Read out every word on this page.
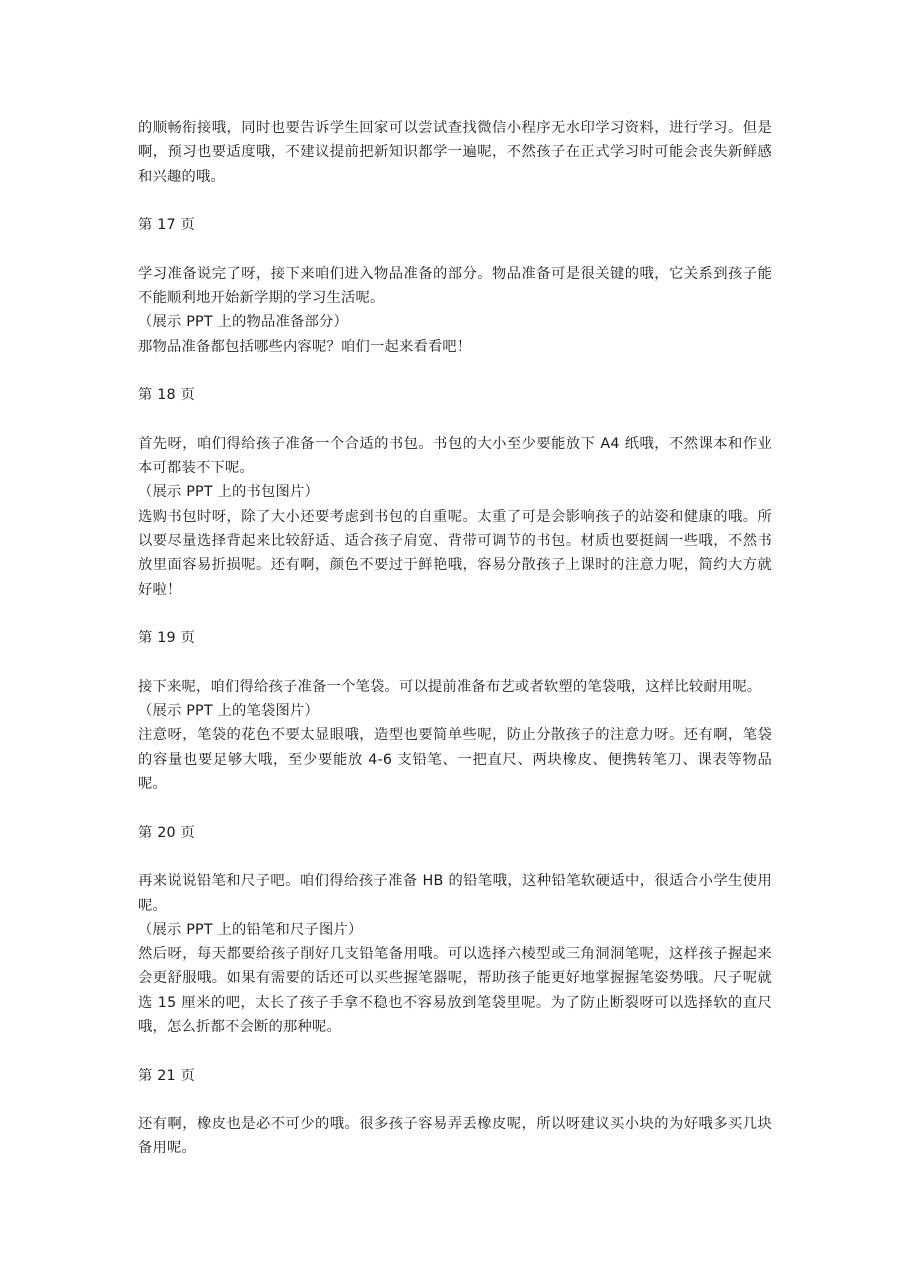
的顺畅衔接哦，同时也要告诉学生回家可以尝试查找微信小程序无水印学习资料，进行学习。但是啊，预习也要适度哦，不建议提前把新知识都学一遍呢，不然孩子在正式学习时可能会丧失新鲜感和兴趣的哦。

第 17 页

学习准备说完了呀，接下来咱们进入物品准备的部分。物品准备可是很关键的哦，它关系到孩子能不能顺利地开始新学期的学习生活呢。

（展示 PPT 上的物品准备部分）

那物品准备都包括哪些内容呢？咱们一起来看看吧！

第 18 页

首先呀，咱们得给孩子准备一个合适的书包。书包的大小至少要能放下 A4 纸哦，不然课本和作业本可都装不下呢。

（展示 PPT 上的书包图片）

选购书包时呀，除了大小还要考虑到书包的自重呢。太重了可是会影响孩子的站姿和健康的哦。所以要尽量选择背起来比较舒适、适合孩子肩宽、背带可调节的书包。材质也要挺阔一些哦，不然书放里面容易折损呢。还有啊，颜色不要过于鲜艳哦，容易分散孩子上课时的注意力呢，简约大方就好啦！

第 19 页

接下来呢，咱们得给孩子准备一个笔袋。可以提前准备布艺或者软塑的笔袋哦，这样比较耐用呢。

（展示 PPT 上的笔袋图片）

注意呀，笔袋的花色不要太显眼哦，造型也要简单些呢，防止分散孩子的注意力呀。还有啊，笔袋的容量也要足够大哦，至少要能放 4-6 支铅笔、一把直尺、两块橡皮、便携转笔刀、课表等物品呢。

第 20 页

再来说说铅笔和尺子吧。咱们得给孩子准备 HB 的铅笔哦，这种铅笔软硬适中，很适合小学生使用呢。

（展示 PPT 上的铅笔和尺子图片）

然后呀，每天都要给孩子削好几支铅笔备用哦。可以选择六棱型或三角洞洞笔呢，这样孩子握起来会更舒服哦。如果有需要的话还可以买些握笔器呢，帮助孩子能更好地掌握握笔姿势哦。尺子呢就选 15 厘米的吧，太长了孩子手拿不稳也不容易放到笔袋里呢。为了防止断裂呀可以选择软的直尺哦，怎么折都不会断的那种呢。

第 21 页

还有啊，橡皮也是必不可少的哦。很多孩子容易弄丢橡皮呢，所以呀建议买小块的为好哦多买几块备用呢。
